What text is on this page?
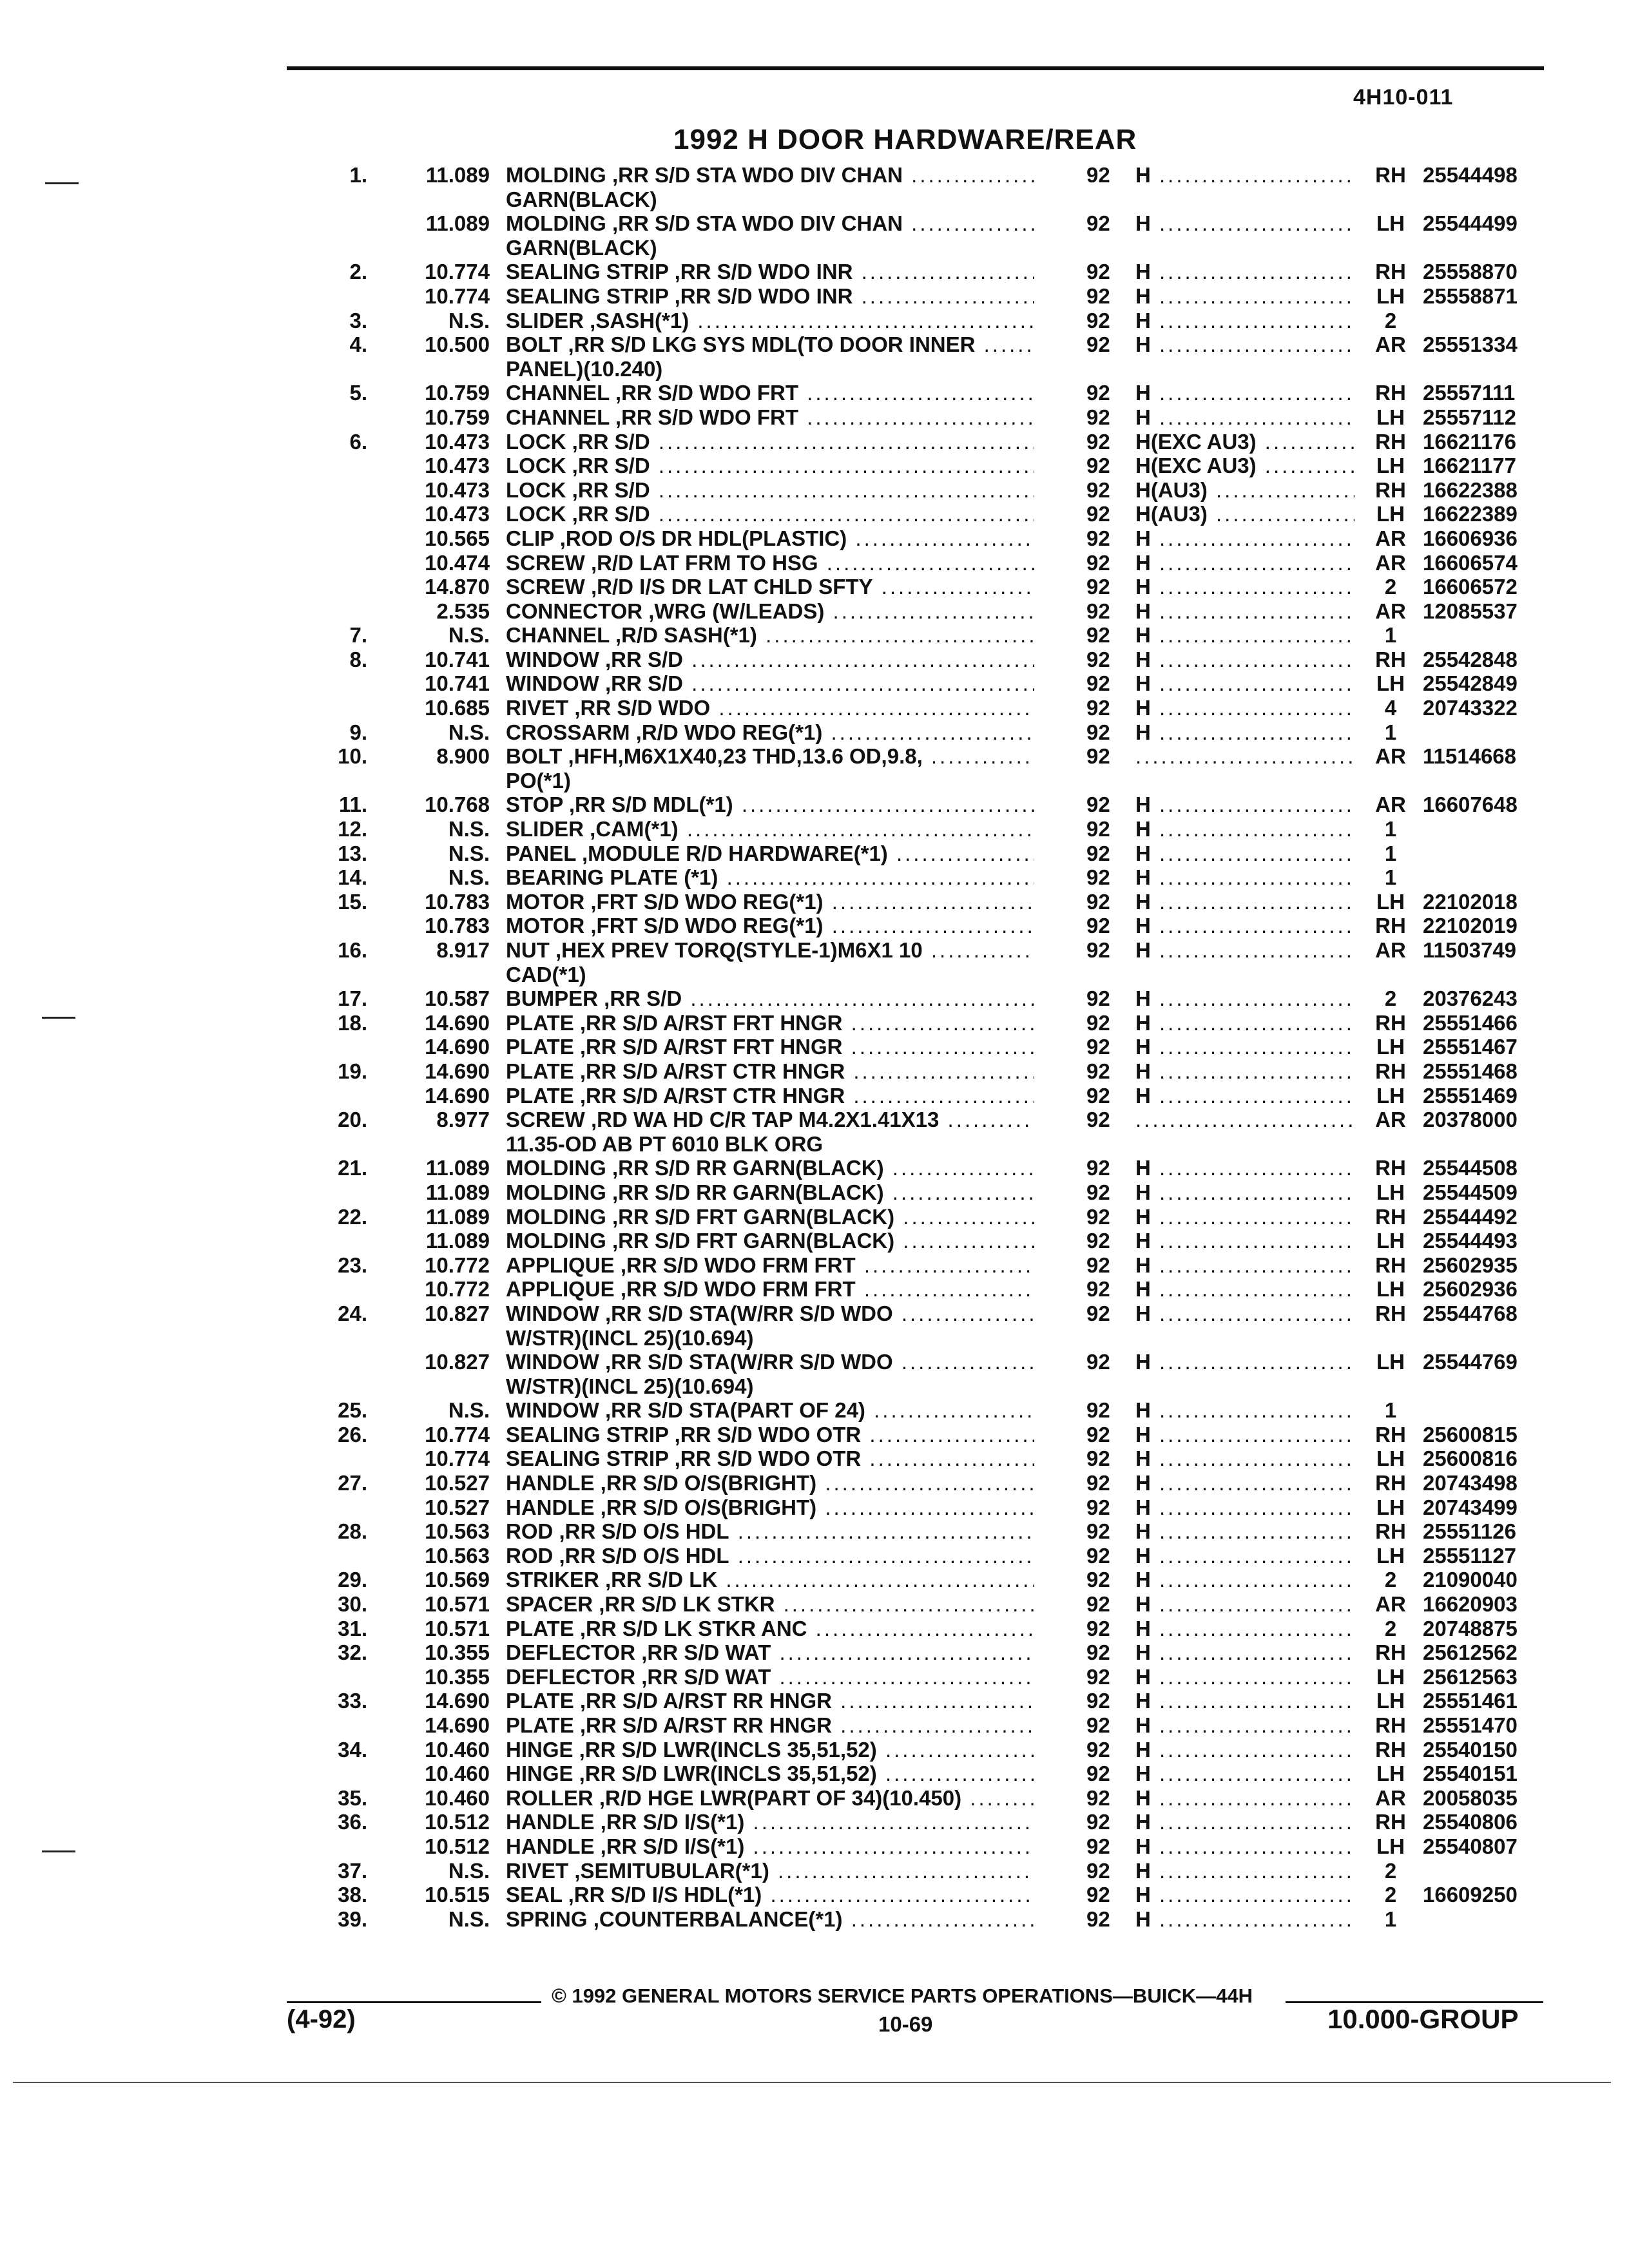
4H10-011
1992 H DOOR HARDWARE/REAR
1.	11.089 MOLDING ,RR S/D STA WDO DIV CHAN .....	92 H .....	RH 25544498
GARN(BLACK)
11.089 MOLDING ,RR S/D STA WDO DIV CHAN .....	92 H .....	LH 25544499
GARN(BLACK)
2.	10.774 SEALING STRIP ,RR S/D WDO INR .....	92 H .....	RH 25558870
10.774 SEALING STRIP ,RR S/D WDO INR .....	92 H .....	LH 25558871
3.	N.S. SLIDER ,SASH(*1) .....	92 H .....	2
4.	10.500 BOLT ,RR S/D LKG SYS MDL(TO DOOR INNER .....	92 H .....	AR 25551334
PANEL)(10.240)
5.	10.759 CHANNEL ,RR S/D WDO FRT .....	92 H .....	RH 25557111
10.759 CHANNEL ,RR S/D WDO FRT .....	92 H .....	LH 25557112
6.	10.473 LOCK ,RR S/D .....	92 H(EXC AU3) .....	RH 16621176
10.473 LOCK ,RR S/D .....	92 H(EXC AU3) .....	LH 16621177
10.473 LOCK ,RR S/D .....	92 H(AU3) .....	RH 16622388
10.473 LOCK ,RR S/D .....	92 H(AU3) .....	LH 16622389
10.565 CLIP ,ROD O/S DR HDL(PLASTIC) .....	92 H .....	AR 16606936
10.474 SCREW ,R/D LAT FRM TO HSG .....	92 H .....	AR 16606574
14.870 SCREW ,R/D I/S DR LAT CHLD SFTY .....	92 H .....	2	16606572
2.535 CONNECTOR ,WRG (W/LEADS) .....	92 H .....	AR 12085537
7.	N.S. CHANNEL ,R/D SASH(*1) .....	92 H .....	1
8.	10.741 WINDOW ,RR S/D .....	92 H .....	RH 25542848
10.741 WINDOW ,RR S/D .....	92 H .....	LH 25542849
10.685 RIVET ,RR S/D WDO .....	92 H .....	4	20743322
9.	N.S. CROSSARM ,R/D WDO REG(*1) .....	92 H .....	1
10.	8.900 BOLT ,HFH,M6X1X40,23 THD,13.6 OD,9.8, .....	92 .....	AR 11514668
PO(*1)
11.	10.768 STOP ,RR S/D MDL(*1) .....	92 H .....	AR 16607648
12.	N.S. SLIDER ,CAM(*1) .....	92 H .....	1
13.	N.S. PANEL ,MODULE R/D HARDWARE(*1) .....	92 H .....	1
14.	N.S. BEARING PLATE (*1) .....	92 H .....	1
15.	10.783 MOTOR ,FRT S/D WDO REG(*1) .....	92 H .....	LH 22102018
10.783 MOTOR ,FRT S/D WDO REG(*1) .....	92 H .....	RH 22102019
16.	8.917 NUT ,HEX PREV TORQ(STYLE-1)M6X1 10 .....	92 H .....	AR 11503749
CAD(*1)
17.	10.587 BUMPER ,RR S/D .....	92 H .....	2	20376243
18.	14.690 PLATE ,RR S/D A/RST FRT HNGR .....	92 H .....	RH 25551466
14.690 PLATE ,RR S/D A/RST FRT HNGR .....	92 H .....	LH 25551467
19.	14.690 PLATE ,RR S/D A/RST CTR HNGR .....	92 H .....	RH 25551468
14.690 PLATE ,RR S/D A/RST CTR HNGR .....	92 H .....	LH 25551469
20.	8.977 SCREW ,RD WA HD C/R TAP M4.2X1.41X13 .....	92 .....	AR 20378000
11.35-OD AB PT 6010 BLK ORG
21.	11.089 MOLDING ,RR S/D RR GARN(BLACK) .....	92 H .....	RH 25544508
11.089 MOLDING ,RR S/D RR GARN(BLACK) .....	92 H .....	LH 25544509
22.	11.089 MOLDING ,RR S/D FRT GARN(BLACK) .....	92 H .....	RH 25544492
11.089 MOLDING ,RR S/D FRT GARN(BLACK) .....	92 H .....	LH 25544493
23.	10.772 APPLIQUE ,RR S/D WDO FRM FRT .....	92 H .....	RH 25602935
10.772 APPLIQUE ,RR S/D WDO FRM FRT .....	92 H .....	LH 25602936
24.	10.827 WINDOW ,RR S/D STA(W/RR S/D WDO .....	92 H .....	RH 25544768
W/STR)(INCL 25)(10.694)
10.827 WINDOW ,RR S/D STA(W/RR S/D WDO .....	92 H .....	LH 25544769
W/STR)(INCL 25)(10.694)
25.	N.S. WINDOW ,RR S/D STA(PART OF 24) .....	92 H .....	1
26.	10.774 SEALING STRIP ,RR S/D WDO OTR .....	92 H .....	RH 25600815
10.774 SEALING STRIP ,RR S/D WDO OTR .....	92 H .....	LH 25600816
27.	10.527 HANDLE ,RR S/D O/S(BRIGHT) .....	92 H .....	RH 20743498
10.527 HANDLE ,RR S/D O/S(BRIGHT) .....	92 H .....	LH 20743499
28.	10.563 ROD ,RR S/D O/S HDL .....	92 H .....	RH 25551126
10.563 ROD ,RR S/D O/S HDL .....	92 H .....	LH 25551127
29.	10.569 STRIKER ,RR S/D LK .....	92 H .....	2	21090040
30.	10.571 SPACER ,RR S/D LK STKR .....	92 H .....	AR 16620903
31.	10.571 PLATE ,RR S/D LK STKR ANC .....	92 H .....	2	20748875
32.	10.355 DEFLECTOR ,RR S/D WAT .....	92 H .....	RH 25612562
10.355 DEFLECTOR ,RR S/D WAT .....	92 H .....	LH 25612563
33.	14.690 PLATE ,RR S/D A/RST RR HNGR .....	92 H .....	LH 25551461
14.690 PLATE ,RR S/D A/RST RR HNGR .....	92 H .....	RH 25551470
34.	10.460 HINGE ,RR S/D LWR(INCLS 35,51,52) .....	92 H .....	RH 25540150
10.460 HINGE ,RR S/D LWR(INCLS 35,51,52) .....	92 H .....	LH 25540151
35.	10.460 ROLLER ,R/D HGE LWR(PART OF 34)(10.450) .....	92 H .....	AR 20058035
36.	10.512 HANDLE ,RR S/D I/S(*1) .....	92 H .....	RH 25540806
10.512 HANDLE ,RR S/D I/S(*1) .....	92 H .....	LH 25540807
37.	N.S. RIVET ,SEMITUBULAR(*1) .....	92 H .....	2
38.	10.515 SEAL ,RR S/D I/S HDL(*1) .....	92 H .....	2	16609250
39.	N.S. SPRING ,COUNTERBALANCE(*1) .....	92 H .....	1
© 1992 GENERAL MOTORS SERVICE PARTS OPERATIONS—BUICK—44H
(4-92)	10-69	10.000-GROUP
